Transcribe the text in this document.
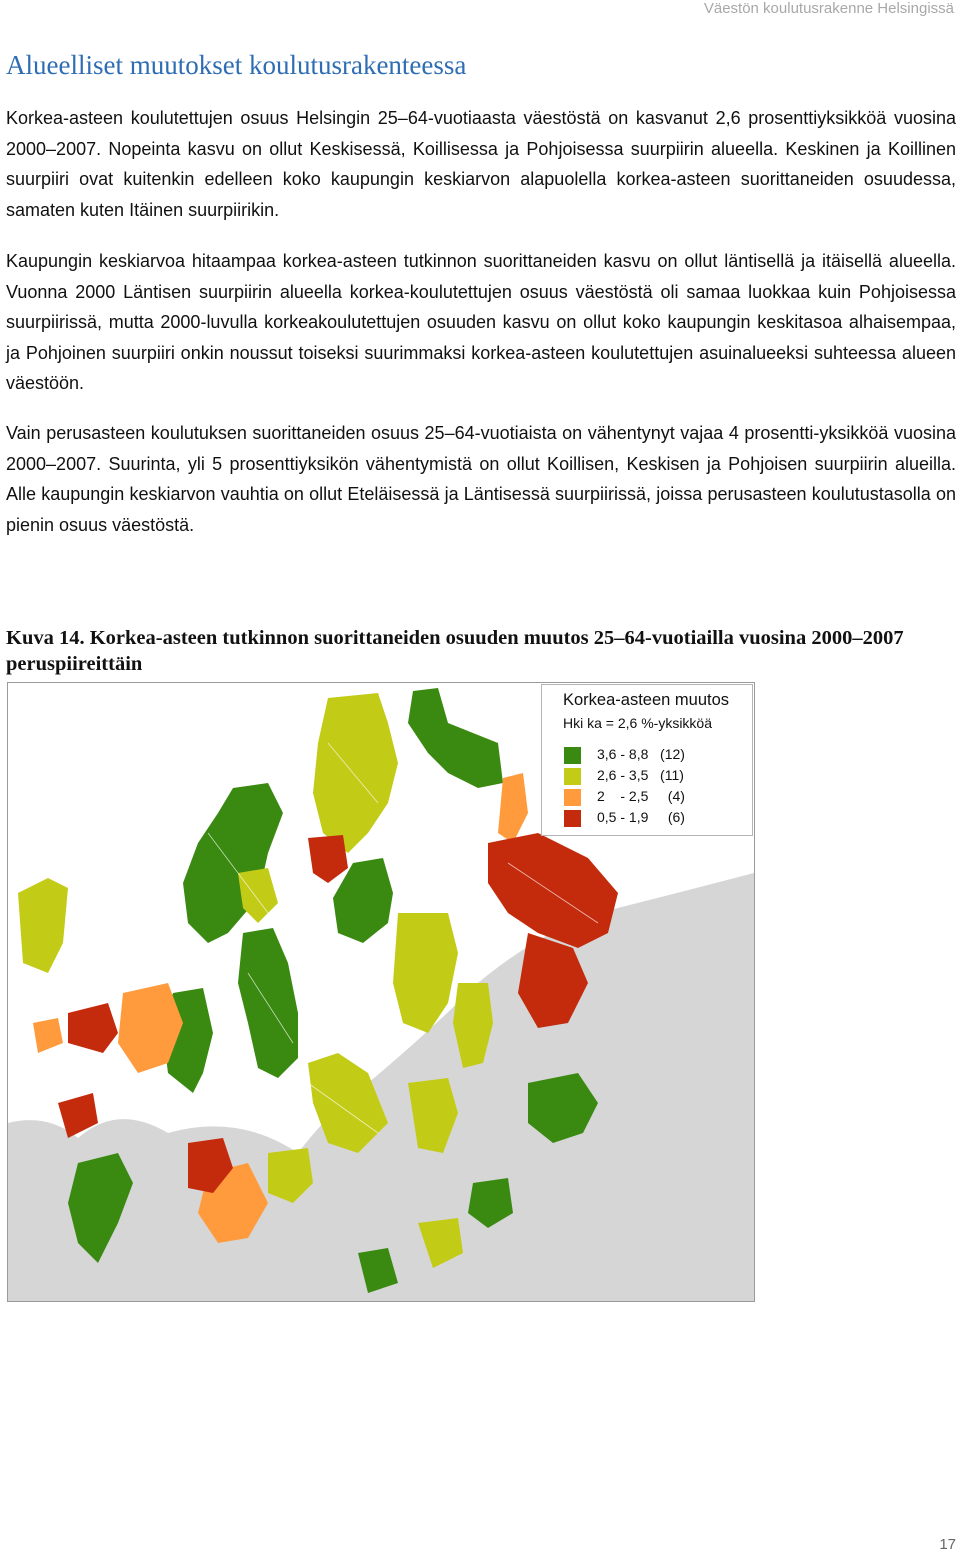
Väestön koulutusrakenne Helsingissä
Alueelliset muutokset koulutusrakenteessa

Korkea-asteen koulutettujen osuus Helsingin 25–64-vuotiaasta väestöstä on kasvanut 2,6 prosenttiyksikköä vuosina 2000–2007. Nopeinta kasvu on ollut Keskisessä, Koillisessa ja Pohjoisessa suurpiirin alueella. Keskinen ja Koillinen suurpiiri ovat kuitenkin edelleen koko kaupungin keskiarvon alapuolella korkea-asteen suorittaneiden osuudessa, samaten kuten Itäinen suurpiirikin.

Kaupungin keskiarvoa hitaampaa korkea-asteen tutkinnon suorittaneiden kasvu on ollut läntisellä ja itäisellä alueella. Vuonna 2000 Läntisen suurpiirin alueella korkea-koulutettujen osuus väestöstä oli samaa luokkaa kuin Pohjoisessa suurpiirissä, mutta 2000-luvulla korkeakoulutettujen osuuden kasvu on ollut koko kaupungin keskitasoa alhaisempaa, ja Pohjoinen suurpiiri onkin noussut toiseksi suurimmaksi korkea-asteen koulutettujen asuinalueeksi suhteessa alueen väestöön.

Vain perusasteen koulutuksen suorittaneiden osuus 25–64-vuotiaista on vähentynyt vajaa 4 prosentti-yksikköä vuosina 2000–2007. Suurinta, yli 5 prosenttiyksikön vähentymistä on ollut Koillisen, Keskisen ja Pohjoisen suurpiirin alueilla. Alle kaupungin keskiarvon vauhtia on ollut Eteläisessä ja Läntisessä suurpiirissä, joissa perusasteen koulutustasolla on pienin osuus väestöstä.

Kuva 14. Korkea-asteen tutkinnon suorittaneiden osuuden muutos 25–64-vuotiailla vuosina 2000–2007 peruspiireittäin
Korkea-asteen muutos
Hki ka = 2,6 %-yksikköä
3,6 - 8,8   (12)
2,6 - 3,5   (11)
2    - 2,5     (4)
0,5 - 1,9     (6)
17
